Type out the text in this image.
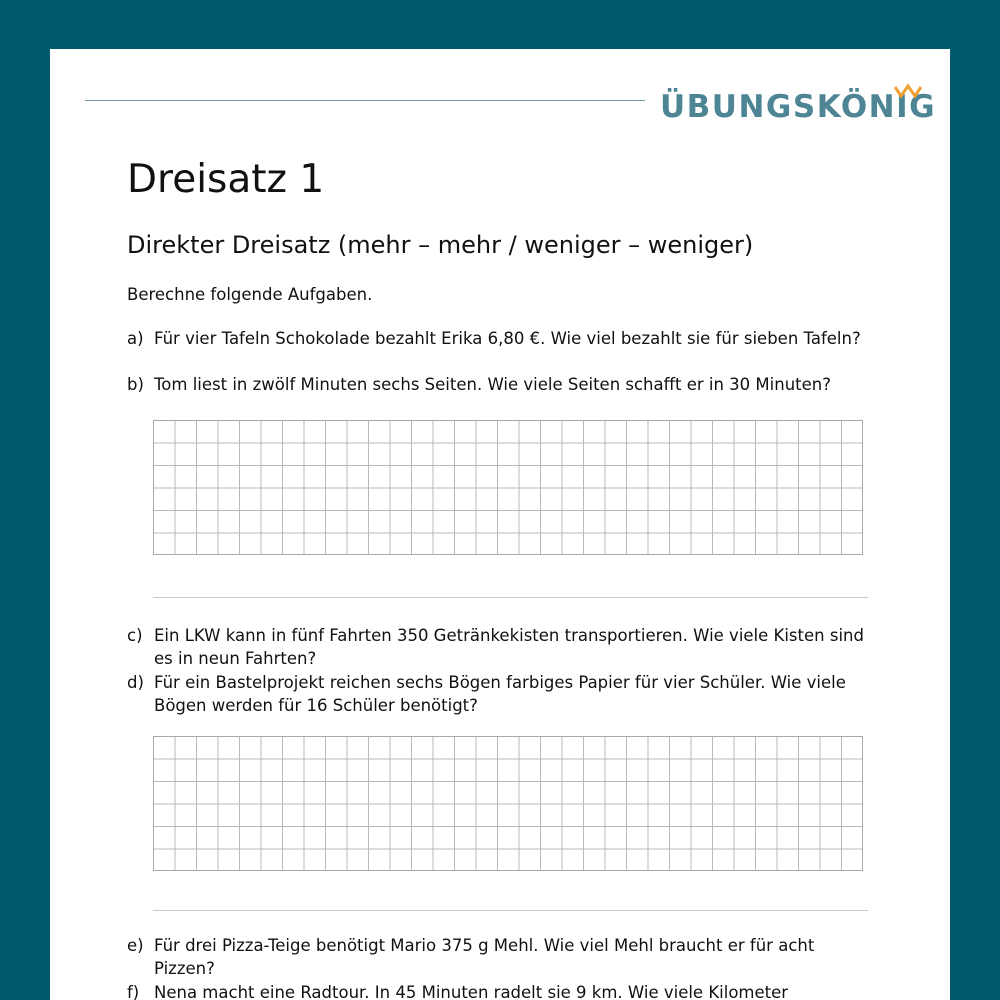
ÜBUNGSKÖNIG
Dreisatz 1
Direkter Dreisatz (mehr – mehr / weniger – weniger)

Berechne folgende Aufgaben.

a) Für vier Tafeln Schokolade bezahlt Erika 6,80 €. Wie viel bezahlt sie für sieben Tafeln?
b) Tom liest in zwölf Minuten sechs Seiten. Wie viele Seiten schafft er in 30 Minuten?
c) Ein LKW kann in fünf Fahrten 350 Getränkekisten transportieren. Wie viele Kisten sind es in neun Fahrten?
d) Für ein Bastelprojekt reichen sechs Bögen farbiges Papier für vier Schüler. Wie viele Bögen werden für 16 Schüler benötigt?
e) Für drei Pizza-Teige benötigt Mario 375 g Mehl. Wie viel Mehl braucht er für acht Pizzen?
f) Nena macht eine Radtour. In 45 Minuten radelt sie 9 km. Wie viele Kilometer
